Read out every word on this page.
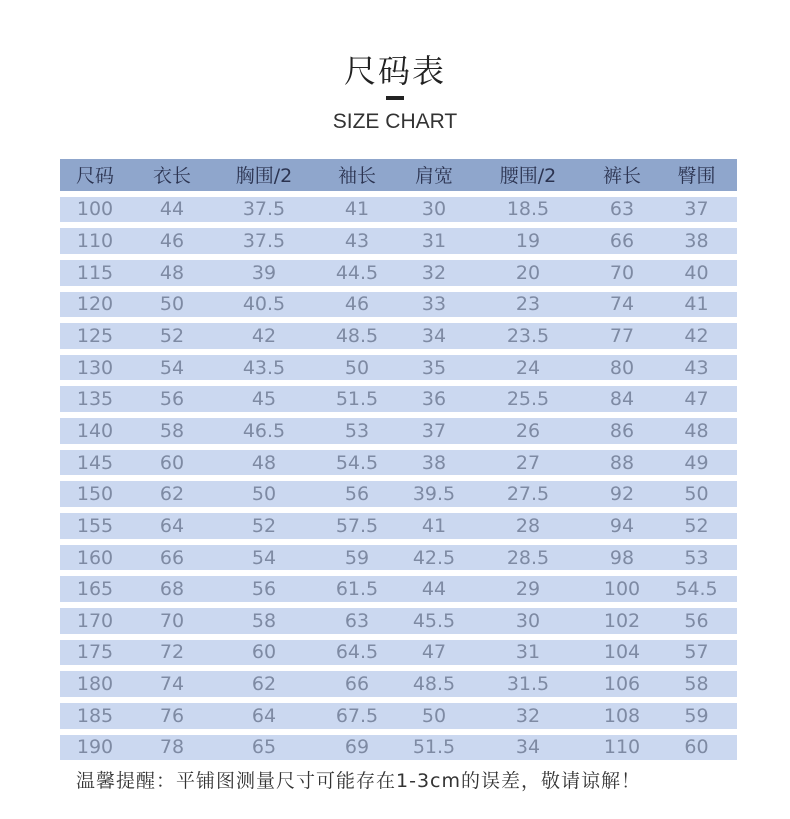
尺码表
SIZE CHART
尺码	衣长	胸围/2	袖长	肩宽	腰围/2	裤长	臀围
100	44	37.5	41	30	18.5	63	37
110	46	37.5	43	31	19	66	38
115	48	39	44.5	32	20	70	40
120	50	40.5	46	33	23	74	41
125	52	42	48.5	34	23.5	77	42
130	54	43.5	50	35	24	80	43
135	56	45	51.5	36	25.5	84	47
140	58	46.5	53	37	26	86	48
145	60	48	54.5	38	27	88	49
150	62	50	56	39.5	27.5	92	50
155	64	52	57.5	41	28	94	52
160	66	54	59	42.5	28.5	98	53
165	68	56	61.5	44	29	100	54.5
170	70	58	63	45.5	30	102	56
175	72	60	64.5	47	31	104	57
180	74	62	66	48.5	31.5	106	58
185	76	64	67.5	50	32	108	59
190	78	65	69	51.5	34	110	60
温馨提醒：平铺图测量尺寸可能存在1-3cm的误差，敬请谅解！
